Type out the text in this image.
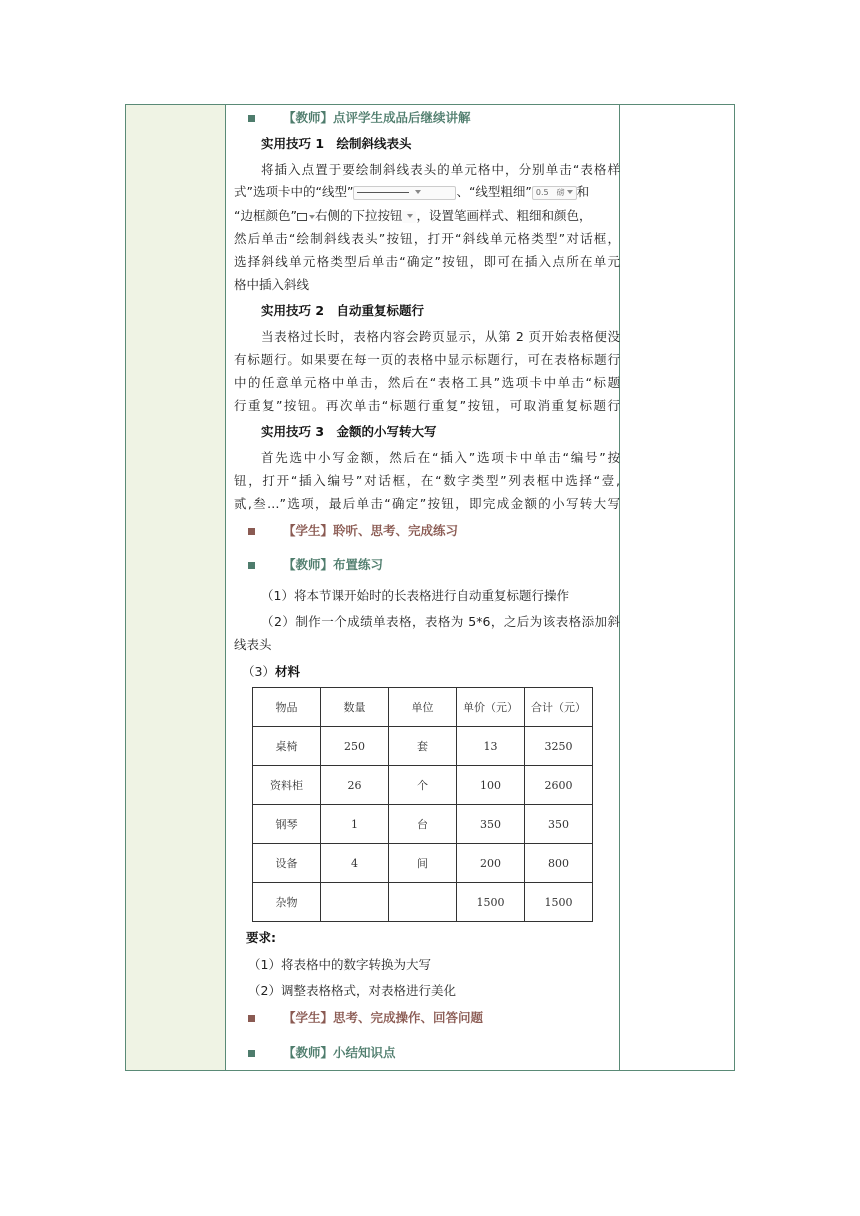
【教师】点评学生成品后继续讲解
实用技巧 1　绘制斜线表头
将插入点置于要绘制斜线表头的单元格中，分别单击“表格样
式”选项卡中的“线型”	、“线型粗细” 0.5　磅 和
“边框颜色” 右侧的下拉按钮 ，设置笔画样式、粗细和颜色，
然后单击“绘制斜线表头”按钮，打开“斜线单元格类型”对话框，
选择斜线单元格类型后单击“确定”按钮，即可在插入点所在单元
格中插入斜线
实用技巧 2　自动重复标题行
当表格过长时，表格内容会跨页显示，从第 2 页开始表格便没
有标题行。如果要在每一页的表格中显示标题行，可在表格标题行
中的任意单元格中单击，然后在“表格工具”选项卡中单击“标题
行重复”按钮。再次单击“标题行重复”按钮，可取消重复标题行
实用技巧 3　金额的小写转大写
首先选中小写金额，然后在“插入”选项卡中单击“编号”按
钮，打开“插入编号”对话框，在“数字类型”列表框中选择“壹,
贰,叁…”选项，最后单击“确定”按钮，即完成金额的小写转大写
【学生】聆听、思考、完成练习
【教师】布置练习
（1）将本节课开始时的长表格进行自动重复标题行操作
（2）制作一个成绩单表格，表格为 5*6，之后为该表格添加斜
线表头
（3）材料
要求:
（1）将表格中的数字转换为大写
（2）调整表格格式，对表格进行美化
【学生】思考、完成操作、回答问题
【教师】小结知识点
物品	数量	单位	单价（元）	合计（元）
桌椅	250	套	13	3250
资料柜	26	个	100	2600
钢琴	1	台	350	350
设备	4	间	200	800
杂物			1500	1500
